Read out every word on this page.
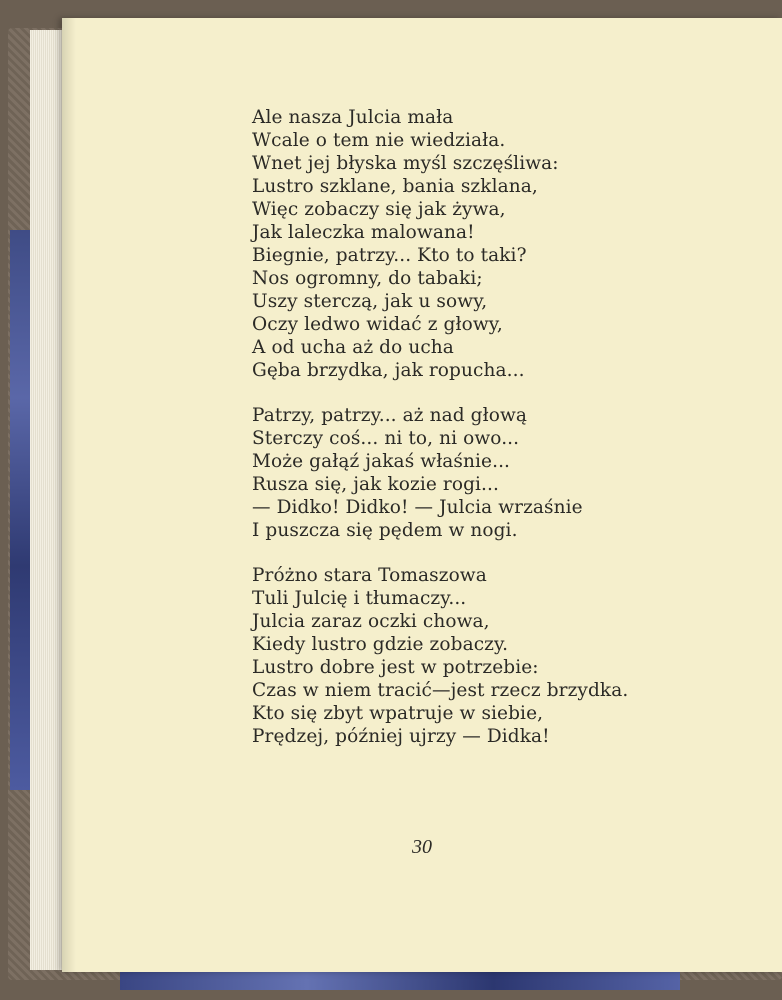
Ale nasza Julcia mała
Wcale o tem nie wiedziała.
Wnet jej błyska myśl szczęśliwa:
Lustro szklane, bania szklana,
Więc zobaczy się jak żywa,
Jak laleczka malowana!
Biegnie, patrzy... Kto to taki?
Nos ogromny, do tabaki;
Uszy sterczą, jak u sowy,
Oczy ledwo widać z głowy,
A od ucha aż do ucha
Gęba brzydka, jak ropucha...
Patrzy, patrzy... aż nad głową
Sterczy coś... ni to, ni owo...
Może gałąź jakaś właśnie...
Rusza się, jak kozie rogi...
— Didko! Didko! — Julcia wrzaśnie
I puszcza się pędem w nogi.
Próżno stara Tomaszowa
Tuli Julcię i tłumaczy...
Julcia zaraz oczki chowa,
Kiedy lustro gdzie zobaczy.
Lustro dobre jest w potrzebie:
Czas w niem tracić—jest rzecz brzydka.
Kto się zbyt wpatruje w siebie,
Prędzej, później ujrzy — Didka!
30
